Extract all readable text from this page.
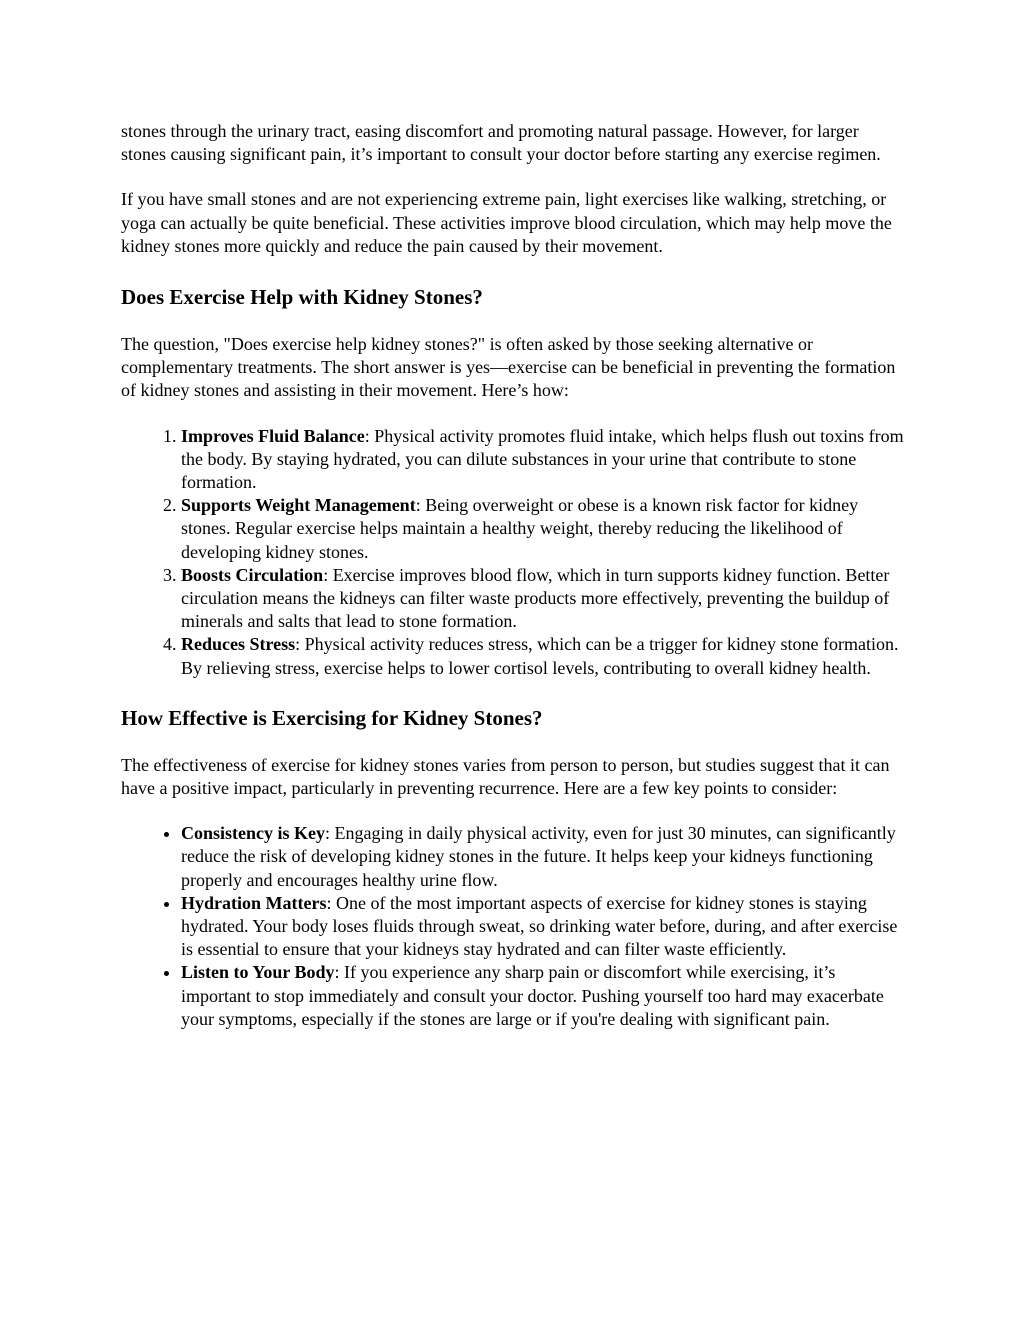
stones through the urinary tract, easing discomfort and promoting natural passage. However, for larger stones causing significant pain, it’s important to consult your doctor before starting any exercise regimen.

If you have small stones and are not experiencing extreme pain, light exercises like walking, stretching, or yoga can actually be quite beneficial. These activities improve blood circulation, which may help move the kidney stones more quickly and reduce the pain caused by their movement.

Does Exercise Help with Kidney Stones?

The question, "Does exercise help kidney stones?" is often asked by those seeking alternative or complementary treatments. The short answer is yes—exercise can be beneficial in preventing the formation of kidney stones and assisting in their movement. Here’s how:

1. Improves Fluid Balance: Physical activity promotes fluid intake, which helps flush out toxins from the body. By staying hydrated, you can dilute substances in your urine that contribute to stone formation.
2. Supports Weight Management: Being overweight or obese is a known risk factor for kidney stones. Regular exercise helps maintain a healthy weight, thereby reducing the likelihood of developing kidney stones.
3. Boosts Circulation: Exercise improves blood flow, which in turn supports kidney function. Better circulation means the kidneys can filter waste products more effectively, preventing the buildup of minerals and salts that lead to stone formation.
4. Reduces Stress: Physical activity reduces stress, which can be a trigger for kidney stone formation. By relieving stress, exercise helps to lower cortisol levels, contributing to overall kidney health.
How Effective is Exercising for Kidney Stones?

The effectiveness of exercise for kidney stones varies from person to person, but studies suggest that it can have a positive impact, particularly in preventing recurrence. Here are a few key points to consider:

• Consistency is Key: Engaging in daily physical activity, even for just 30 minutes, can significantly reduce the risk of developing kidney stones in the future. It helps keep your kidneys functioning properly and encourages healthy urine flow.
• Hydration Matters: One of the most important aspects of exercise for kidney stones is staying hydrated. Your body loses fluids through sweat, so drinking water before, during, and after exercise is essential to ensure that your kidneys stay hydrated and can filter waste efficiently.
• Listen to Your Body: If you experience any sharp pain or discomfort while exercising, it’s important to stop immediately and consult your doctor. Pushing yourself too hard may exacerbate your symptoms, especially if the stones are large or if you're dealing with significant pain.
